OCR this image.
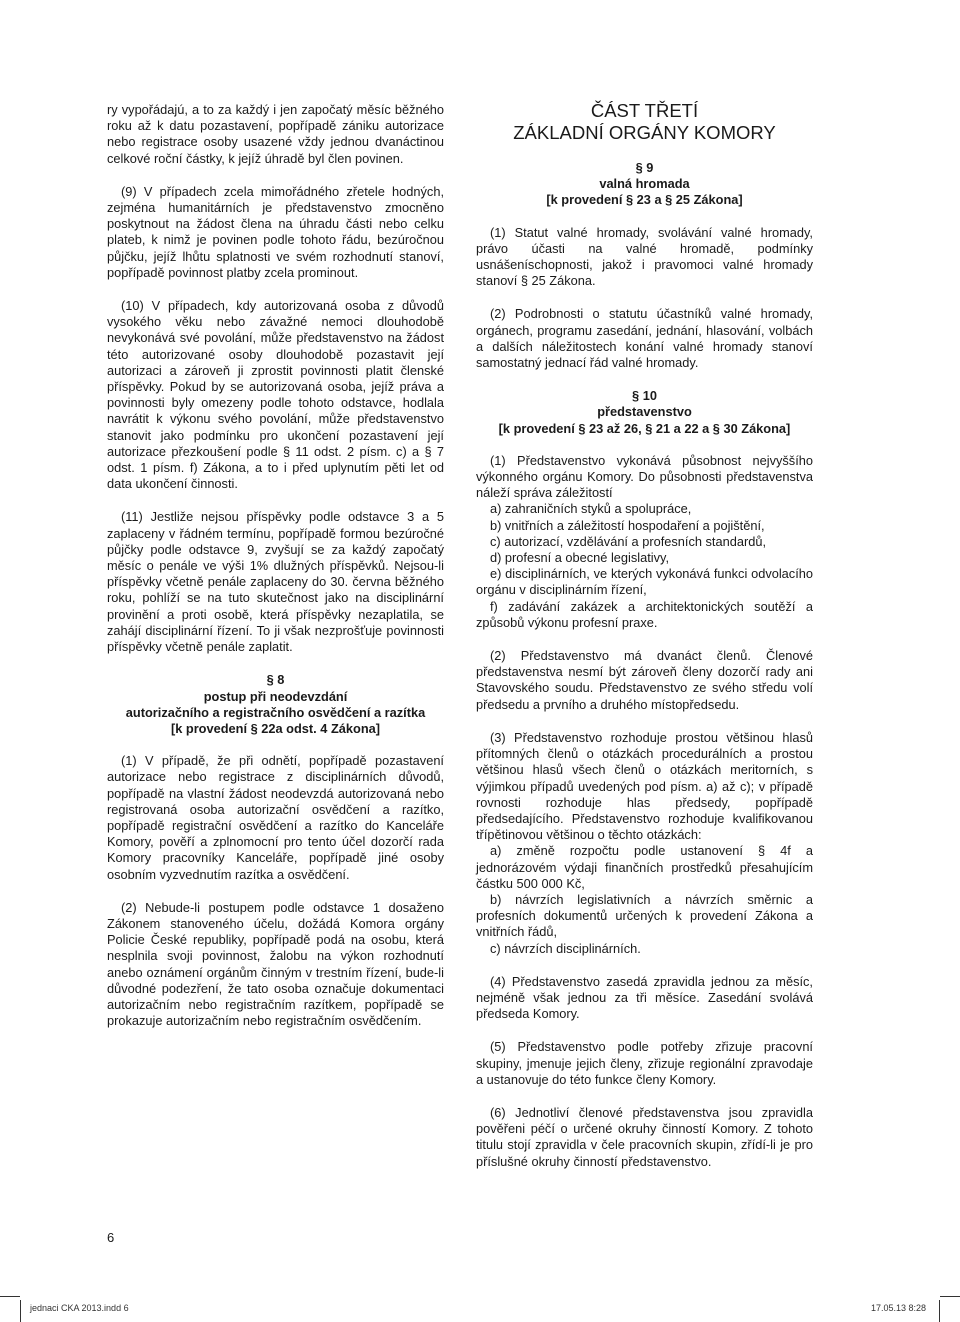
ry vypořádajú, a to za každý i jen započatý měsíc běžného roku až k datu pozastavení, popřípadě zániku autorizace nebo registrace osoby usazené vždy jednou dvanáctinou celkové roční částky, k jejíž úhradě byl člen povinen.

(9) V případech zcela mimořádného zřetele hodných, zejména humanitárních je představenstvo zmocněno poskytnout na žádost člena na úhradu části nebo celku plateb, k nimž je povinen podle tohoto řádu, bezúročnou půjčku, jejíž lhůtu splatnosti ve svém rozhodnutí stanoví, popřípadě povinnost platby zcela prominout.

(10) V případech, kdy autorizovaná osoba z důvodů vysokého věku nebo závažné nemoci dlouhodobě nevykonává své povolání, může představenstvo na žádost této autorizované osoby dlouhodobě pozastavit její autorizaci a zároveň ji zprostit povinnosti platit členské příspěvky. Pokud by se autorizovaná osoba, jejíž práva a povinnosti byly omezeny podle tohoto odstavce, hodlala navrátit k výkonu svého povolání, může představenstvo stanovit jako podmínku pro ukončení pozastavení její autorizace přezkoušení podle § 11 odst. 2 písm. c) a § 7 odst. 1 písm. f) Zákona, a to i před uplynutím pěti let od data ukončení činnosti.

(11) Jestliže nejsou příspěvky podle odstavce 3 a 5 zaplaceny v řádném termínu, popřípadě formou bezúročné půjčky podle odstavce 9, zvyšují se za každý započatý měsíc o penále ve výši 1% dlužných příspěvků. Nejsou-li příspěvky včetně penále zaplaceny do 30. června běžného roku, pohlíží se na tuto skutečnost jako na disciplinární provinění a proti osobě, která příspěvky nezaplatila, se zahájí disciplinární řízení. To ji však nezprošťuje povinnosti příspěvky včetně penále zaplatit.

§ 8
postup při neodevzdání
autorizačního a registračního osvědčení a razítka
[k provedení § 22a odst. 4 Zákona]

(1) V případě, že při odnětí, popřípadě pozastavení autorizace nebo registrace z disciplinárních důvodů, popřípadě na vlastní žádost neodevzdá autorizovaná nebo registrovaná osoba autorizační osvědčení a razítko, popřípadě registrační osvědčení a razítko do Kanceláře Komory, pověří a zplnomocní pro tento účel dozorčí rada Komory pracovníky Kanceláře, popřípadě jiné osoby osobním vyzvednutím razítka a osvědčení.

(2) Nebude-li postupem podle odstavce 1 dosaženo Zákonem stanoveného účelu, dožádá Komora orgány Policie České republiky, popřípadě podá na osobu, která nesplnila svoji povinnost, žalobu na výkon rozhodnutí anebo oznámení orgánům činným v trestním řízení, bude-li důvodné podezření, že tato osoba označuje dokumentaci autorizačním nebo registračním razítkem, popřípadě se prokazuje autorizačním nebo registračním osvědčením.

ČÁST TŘETÍ
ZÁKLADNÍ ORGÁNY KOMORY
§ 9
valná hromada
[k provedení § 23 a § 25 Zákona]

(1) Statut valné hromady, svolávání valné hromady, právo účasti na valné hromadě, podmínky usnášeníschopnosti, jakož i pravomoci valné hromady stanoví § 25 Zákona.

(2) Podrobnosti o statutu účastníků valné hromady, orgánech, programu zasedání, jednání, hlasování, volbách a dalších náležitostech konání valné hromady stanoví samostatný jednací řád valné hromady.

§ 10
představenstvo
[k provedení § 23 až 26, § 21 a 22 a § 30 Zákona]

(1) Představenstvo vykonává působnost nejvyššího výkonného orgánu Komory. Do působnosti představenstva náleží správa záležitostí

a) zahraničních styků a spolupráce,

b) vnitřních a záležitostí hospodaření a pojištění,

c) autorizací, vzdělávání a profesních standardů,

d) profesní a obecné legislativy,

e) disciplinárních, ve kterých vykonává funkci odvolacího orgánu v disciplinárním řízení,

f) zadávání zakázek a architektonických soutěží a způsobů výkonu profesní praxe.

(2) Představenstvo má dvanáct členů. Členové představenstva nesmí být zároveň členy dozorčí rady ani Stavovského soudu. Představenstvo ze svého středu volí předsedu a prvního a druhého místopředsedu.

(3) Představenstvo rozhoduje prostou většinou hlasů přítomných členů o otázkách procedurálních a prostou většinou hlasů všech členů o otázkách meritorních, s výjimkou případů uvedených pod písm. a) až c); v případě rovnosti rozhoduje hlas předsedy, popřípadě předsedajícího. Představenstvo rozhoduje kvalifikovanou třípětinovou většinou o těchto otázkách:

a) změně rozpočtu podle ustanovení § 4f a jednorázovém výdaji finančních prostředků přesahujícím částku 500 000 Kč,

b) návrzích legislativních a návrzích směrnic a profesních dokumentů určených k provedení Zákona a vnitřních řádů,

c) návrzích disciplinárních.

(4) Představenstvo zasedá zpravidla jednou za měsíc, nejméně však jednou za tři měsíce. Zasedání svolává předseda Komory.

(5) Představenstvo podle potřeby zřizuje pracovní skupiny, jmenuje jejich členy, zřizuje regionální zpravodaje a ustanovuje do této funkce členy Komory.

(6) Jednotliví členové představenstva jsou zpravidla pověřeni péčí o určené okruhy činností Komory. Z tohoto titulu stojí zpravidla v čele pracovních skupin, zřídí-li je pro příslušné okruhy činností představenstvo.

6
jednaci CKA 2013.indd 6	17.05.13 8:28
